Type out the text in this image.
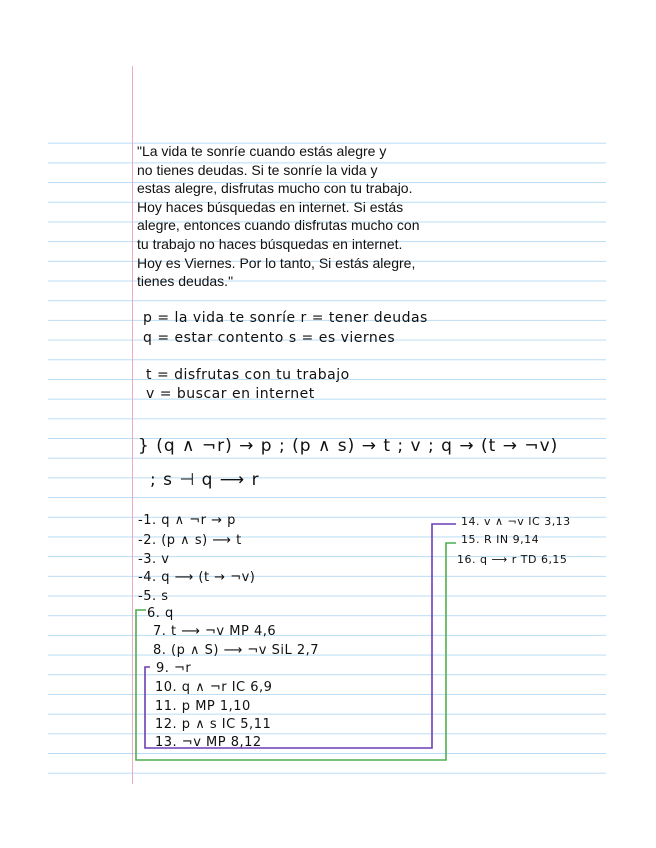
"La vida te sonríe cuando estás alegre y
no tienes deudas. Si te sonríe la vida y
estas alegre, disfrutas mucho con tu trabajo.
Hoy haces búsquedas en internet. Si estás
alegre, entonces cuando disfrutas mucho con
tu trabajo no haces búsquedas en internet.
Hoy es Viernes. Por lo tanto, Si estás alegre,
tienes deudas."

p = la vida te sonríe r = tener deudas

q = estar contento s = es viernes

t = disfrutas con tu trabajo

v = buscar en internet

} (q ∧ ¬r) → p ; (p ∧ s) → t ; v ; q → (t → ¬v)

; s ⊣ q ⟶ r

-1. q ∧ ¬r → p

-2. (p ∧ s) ⟶ t

-3. v

-4. q ⟶ (t → ¬v)

-5. s

6. q

7. t ⟶ ¬v MP 4,6

8. (p ∧ S) ⟶ ¬v SiL 2,7

9. ¬r

10. q ∧ ¬r IC 6,9

11. p MP 1,10

12. p ∧ s IC 5,11

13. ¬v MP 8,12

14. v ∧ ¬v IC 3,13

15. R IN 9,14

16. q ⟶ r TD 6,15
